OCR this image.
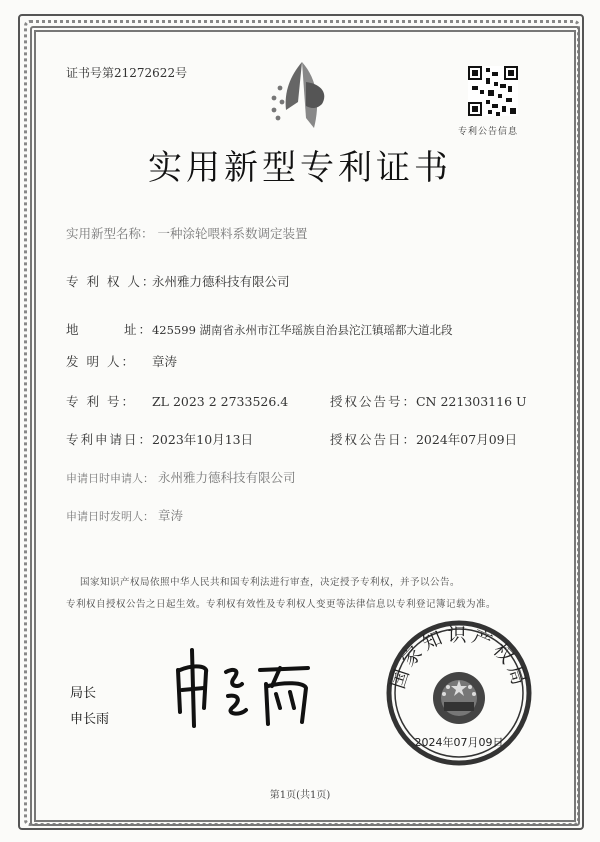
证书号第21272622号
专利公告信息
实用新型专利证书
实用新型名称： 一种涂轮喂料系数调定装置
专 利 权 人： 永州雅力德科技有限公司
地　　　址： 425599 湖南省永州市江华瑶族自治县沱江镇瑶都大道北段
发 明 人： 章涛
专 利 号： ZL 2023 2 2733526.4	授权公告号： CN 221303116 U
专利申请日： 2023年10月13日	授权公告日： 2024年07月09日
申请日时申请人： 永州雅力德科技有限公司
申请日时发明人： 章涛
国家知识产权局依照中华人民共和国专利法进行审查，决定授予专利权，并予以公告。
专利权自授权公告之日起生效。专利权有效性及专利权人变更等法律信息以专利登记簿记载为准。
局长
申长雨
国家知识产权局
2024年07月09日
第1页(共1页)
